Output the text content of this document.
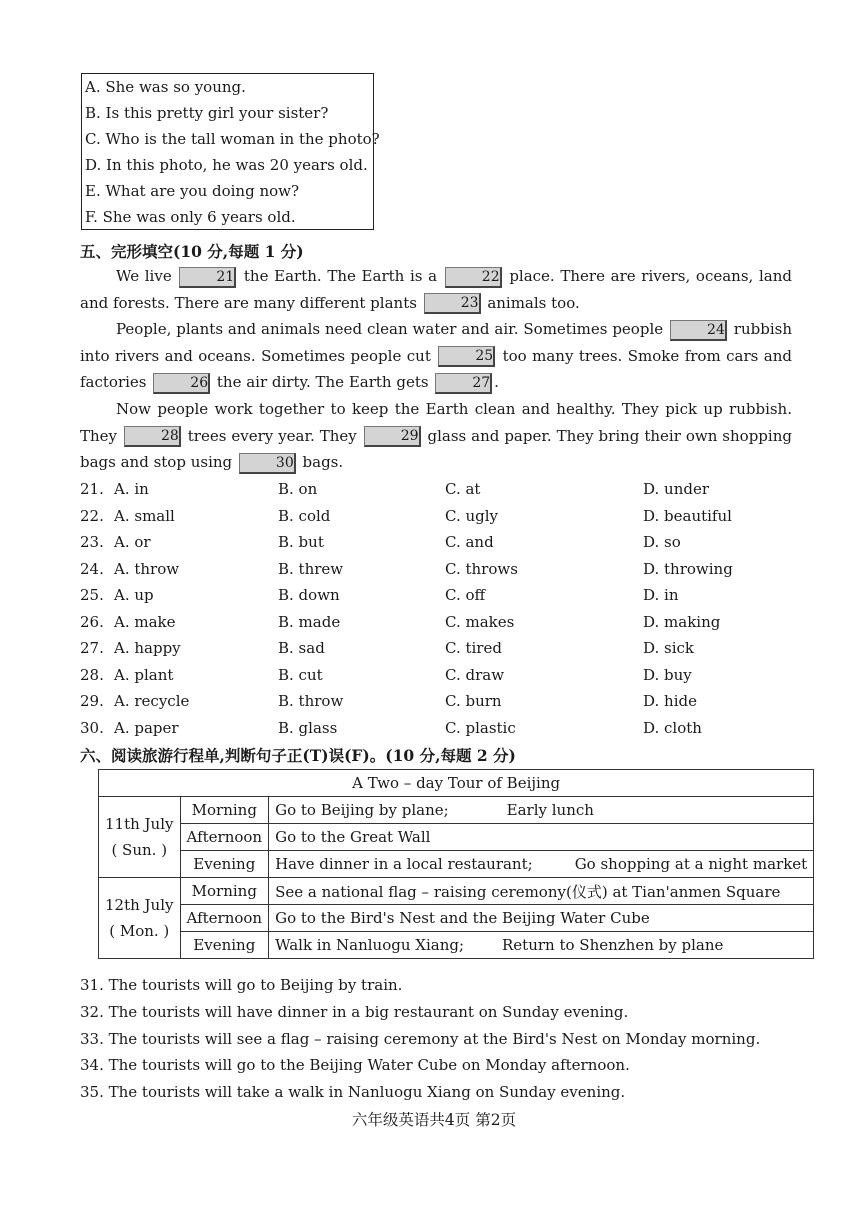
A. She was so young.
B. Is this pretty girl your sister?
C. Who is the tall woman in the photo?
D. In this photo, he was 20 years old.
E. What are you doing now?
F. She was only 6 years old.
五、完形填空(10 分,每题 1 分)
We live	21 the Earth. The Earth is a	22 place. There are rivers, oceans, land and forests. There are many different plants	23 animals too.
People, plants and animals need clean water and air. Sometimes people	24 rubbish into rivers and oceans. Sometimes people cut	25 too many trees. Smoke from cars and factories	26 the air dirty. The Earth gets	27 .
Now people work together to keep the Earth clean and healthy. They pick up rubbish. They	28 trees every year. They	29 glass and paper. They bring their own shopping bags and stop using	30 bags.
21. A. in	B. on	C. at	D. under
22. A. small	B. cold	C. ugly	D. beautiful
23. A. or	B. but	C. and	D. so
24. A. throw	B. threw	C. throws	D. throwing
25. A. up	B. down	C. off	D. in
26. A. make	B. made	C. makes	D. making
27. A. happy	B. sad	C. tired	D. sick
28. A. plant	B. cut	C. draw	D. buy
29. A. recycle	B. throw	C. burn	D. hide
30. A. paper	B. glass	C. plastic	D. cloth
六、阅读旅游行程单,判断句子正(T)误(F)。(10 分,每题 2 分)
A Two – day Tour of Beijing		

11th July
( Sun. )	Morning	Go to Beijing by plane; Early lunch
	Afternoon	Go to the Great Wall
	Evening	Have dinner in a local restaurant; Go shopping at a night market

12th July
( Mon. )	Morning	See a national flag – raising ceremony(仪式) at Tian'anmen Square
	Afternoon	Go to the Bird's Nest and the Beijing Water Cube
	Evening	Walk in Nanluogu Xiang; Return to Shenzhen by plane
31. The tourists will go to Beijing by train.
32. The tourists will have dinner in a big restaurant on Sunday evening.
33. The tourists will see a flag – raising ceremony at the Bird's Nest on Monday morning.
34. The tourists will go to the Beijing Water Cube on Monday afternoon.
35. The tourists will take a walk in Nanluogu Xiang on Sunday evening.
六年级英语共4页 第2页
